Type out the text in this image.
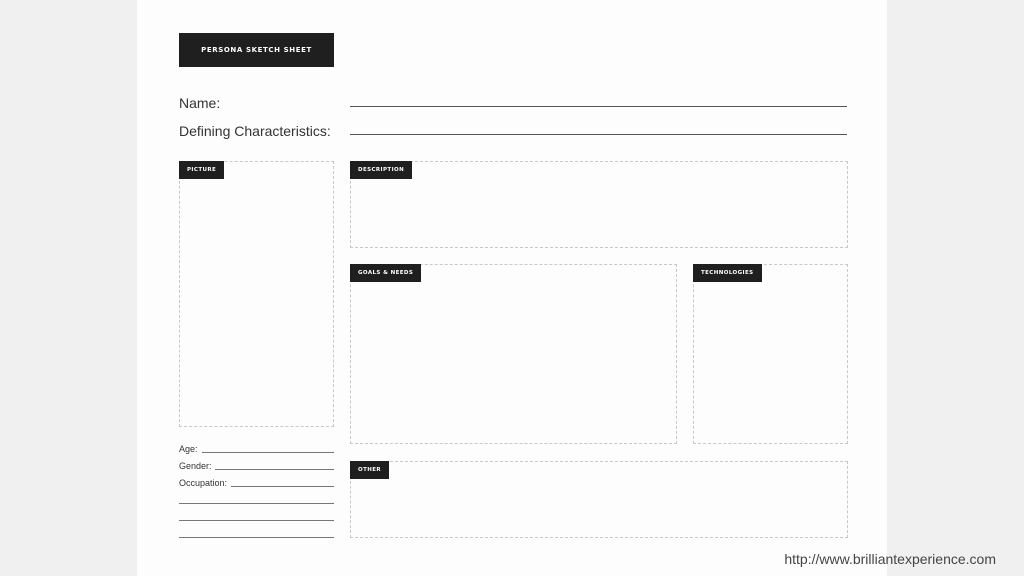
PERSONA SKETCH SHEET
Name:
Defining Characteristics:
PICTURE	DESCRIPTION
GOALS & NEEDS	TECHNOLOGIES
OTHER
Age:
Gender:
Occupation:
http://www.brilliantexperience.com
